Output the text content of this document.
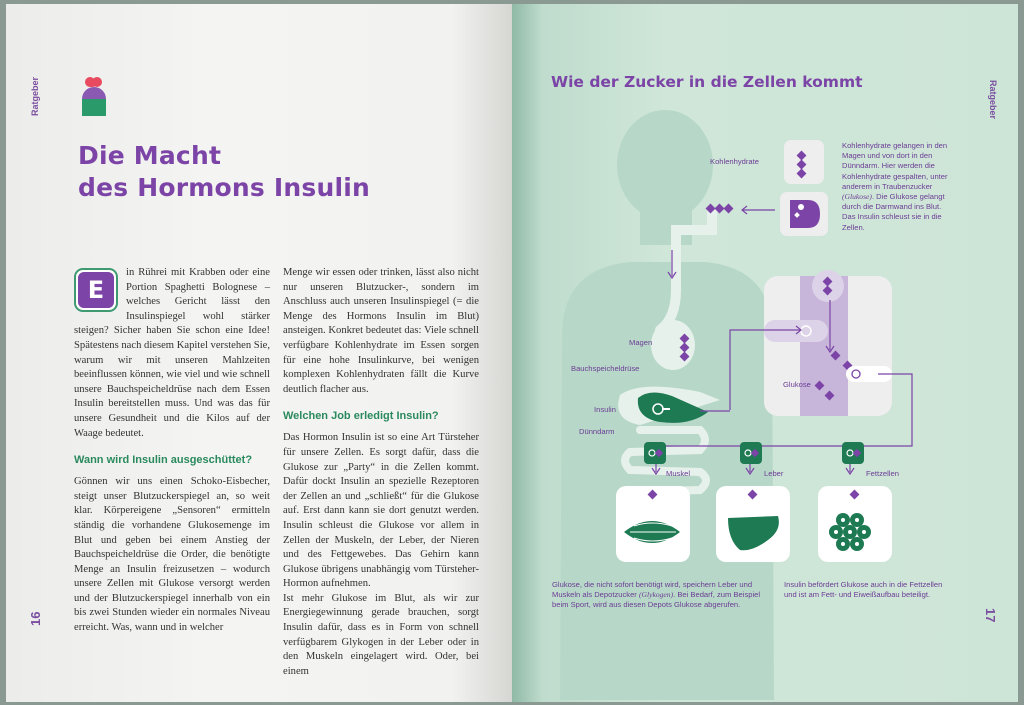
Ratgeber
Die Macht
des Hormons Insulin
E

in Rührei mit Krabben oder eine Portion Spaghetti Bolognese – welches Gericht lässt den Insulinspiegel wohl stärker steigen? Sicher haben Sie schon eine Idee! Spätestens nach diesem Kapitel verstehen Sie, warum wir mit unseren Mahlzeiten beeinflussen können, wie viel und wie schnell unsere Bauchspeicheldrüse nach dem Essen Insulin bereitstellen muss. Und was das für unsere Gesundheit und die Kilos auf der Waage bedeutet.

Wann wird Insulin ausgeschüttet?

Gönnen wir uns einen Schoko-Eisbecher, steigt unser Blutzuckerspiegel an, so weit klar. Körpereigene „Sensoren“ ermitteln ständig die vorhandene Glukosemenge im Blut und geben bei einem Anstieg der Bauchspeicheldrüse die Order, die benötigte Menge an Insulin freizusetzen – wodurch unsere Zellen mit Glukose versorgt werden und der Blutzuckerspiegel innerhalb von ein bis zwei Stunden wieder ein normales Niveau erreicht. Was, wann und in welcher

Menge wir essen oder trinken, lässt also nicht nur unseren Blutzucker-, sondern im Anschluss auch unseren Insulinspiegel (= die Menge des Hormons Insulin im Blut) ansteigen. Konkret bedeutet das: Viele schnell verfügbare Kohlenhydrate im Essen sorgen für eine hohe Insulinkurve, bei wenigen komplexen Kohlenhydraten fällt die Kurve deutlich flacher aus.

Welchen Job erledigt Insulin?

Das Hormon Insulin ist so eine Art Türsteher für unsere Zellen. Es sorgt dafür, dass die Glukose zur „Party“ in die Zellen kommt. Dafür dockt Insulin an spezielle Rezeptoren der Zellen an und „schließt“ für die Glukose auf. Erst dann kann sie dort genutzt werden. Insulin schleust die Glukose vor allem in Zellen der Muskeln, der Leber, der Nieren und des Fettgewebes. Das Gehirn kann Glukose übrigens unabhängig vom Türsteher-Hormon aufnehmen.

Ist mehr Glukose im Blut, als wir zur Energiegewinnung gerade brauchen, sorgt Insulin dafür, dass es in Form von schnell verfügbarem Glykogen in der Leber oder in den Muskeln eingelagert wird. Oder, bei einem

16
Ratgeber
17
Wie der Zucker in die Zellen kommt
Kohlenhydrate
Magen
Bauchspeicheldrüse
Insulin
Dünndarm
Glukose
Muskel	Leber	Fettzellen
Kohlenhydrate gelangen in den Magen und von dort in den Dünndarm. Hier werden die Kohlenhydrate gespalten, unter anderem in Traubenzucker (Glukose). Die Glukose gelangt durch die Darmwand ins Blut. Das Insulin schleust sie in die Zellen.
Glukose, die nicht sofort benötigt wird, speichern Leber und Muskeln als Depotzucker (Glykogen). Bei Bedarf, zum Beispiel beim Sport, wird aus diesen Depots Glukose abgerufen.
Insulin befördert Glukose auch in die Fettzellen und ist am Fett- und Eiweißaufbau beteiligt.
